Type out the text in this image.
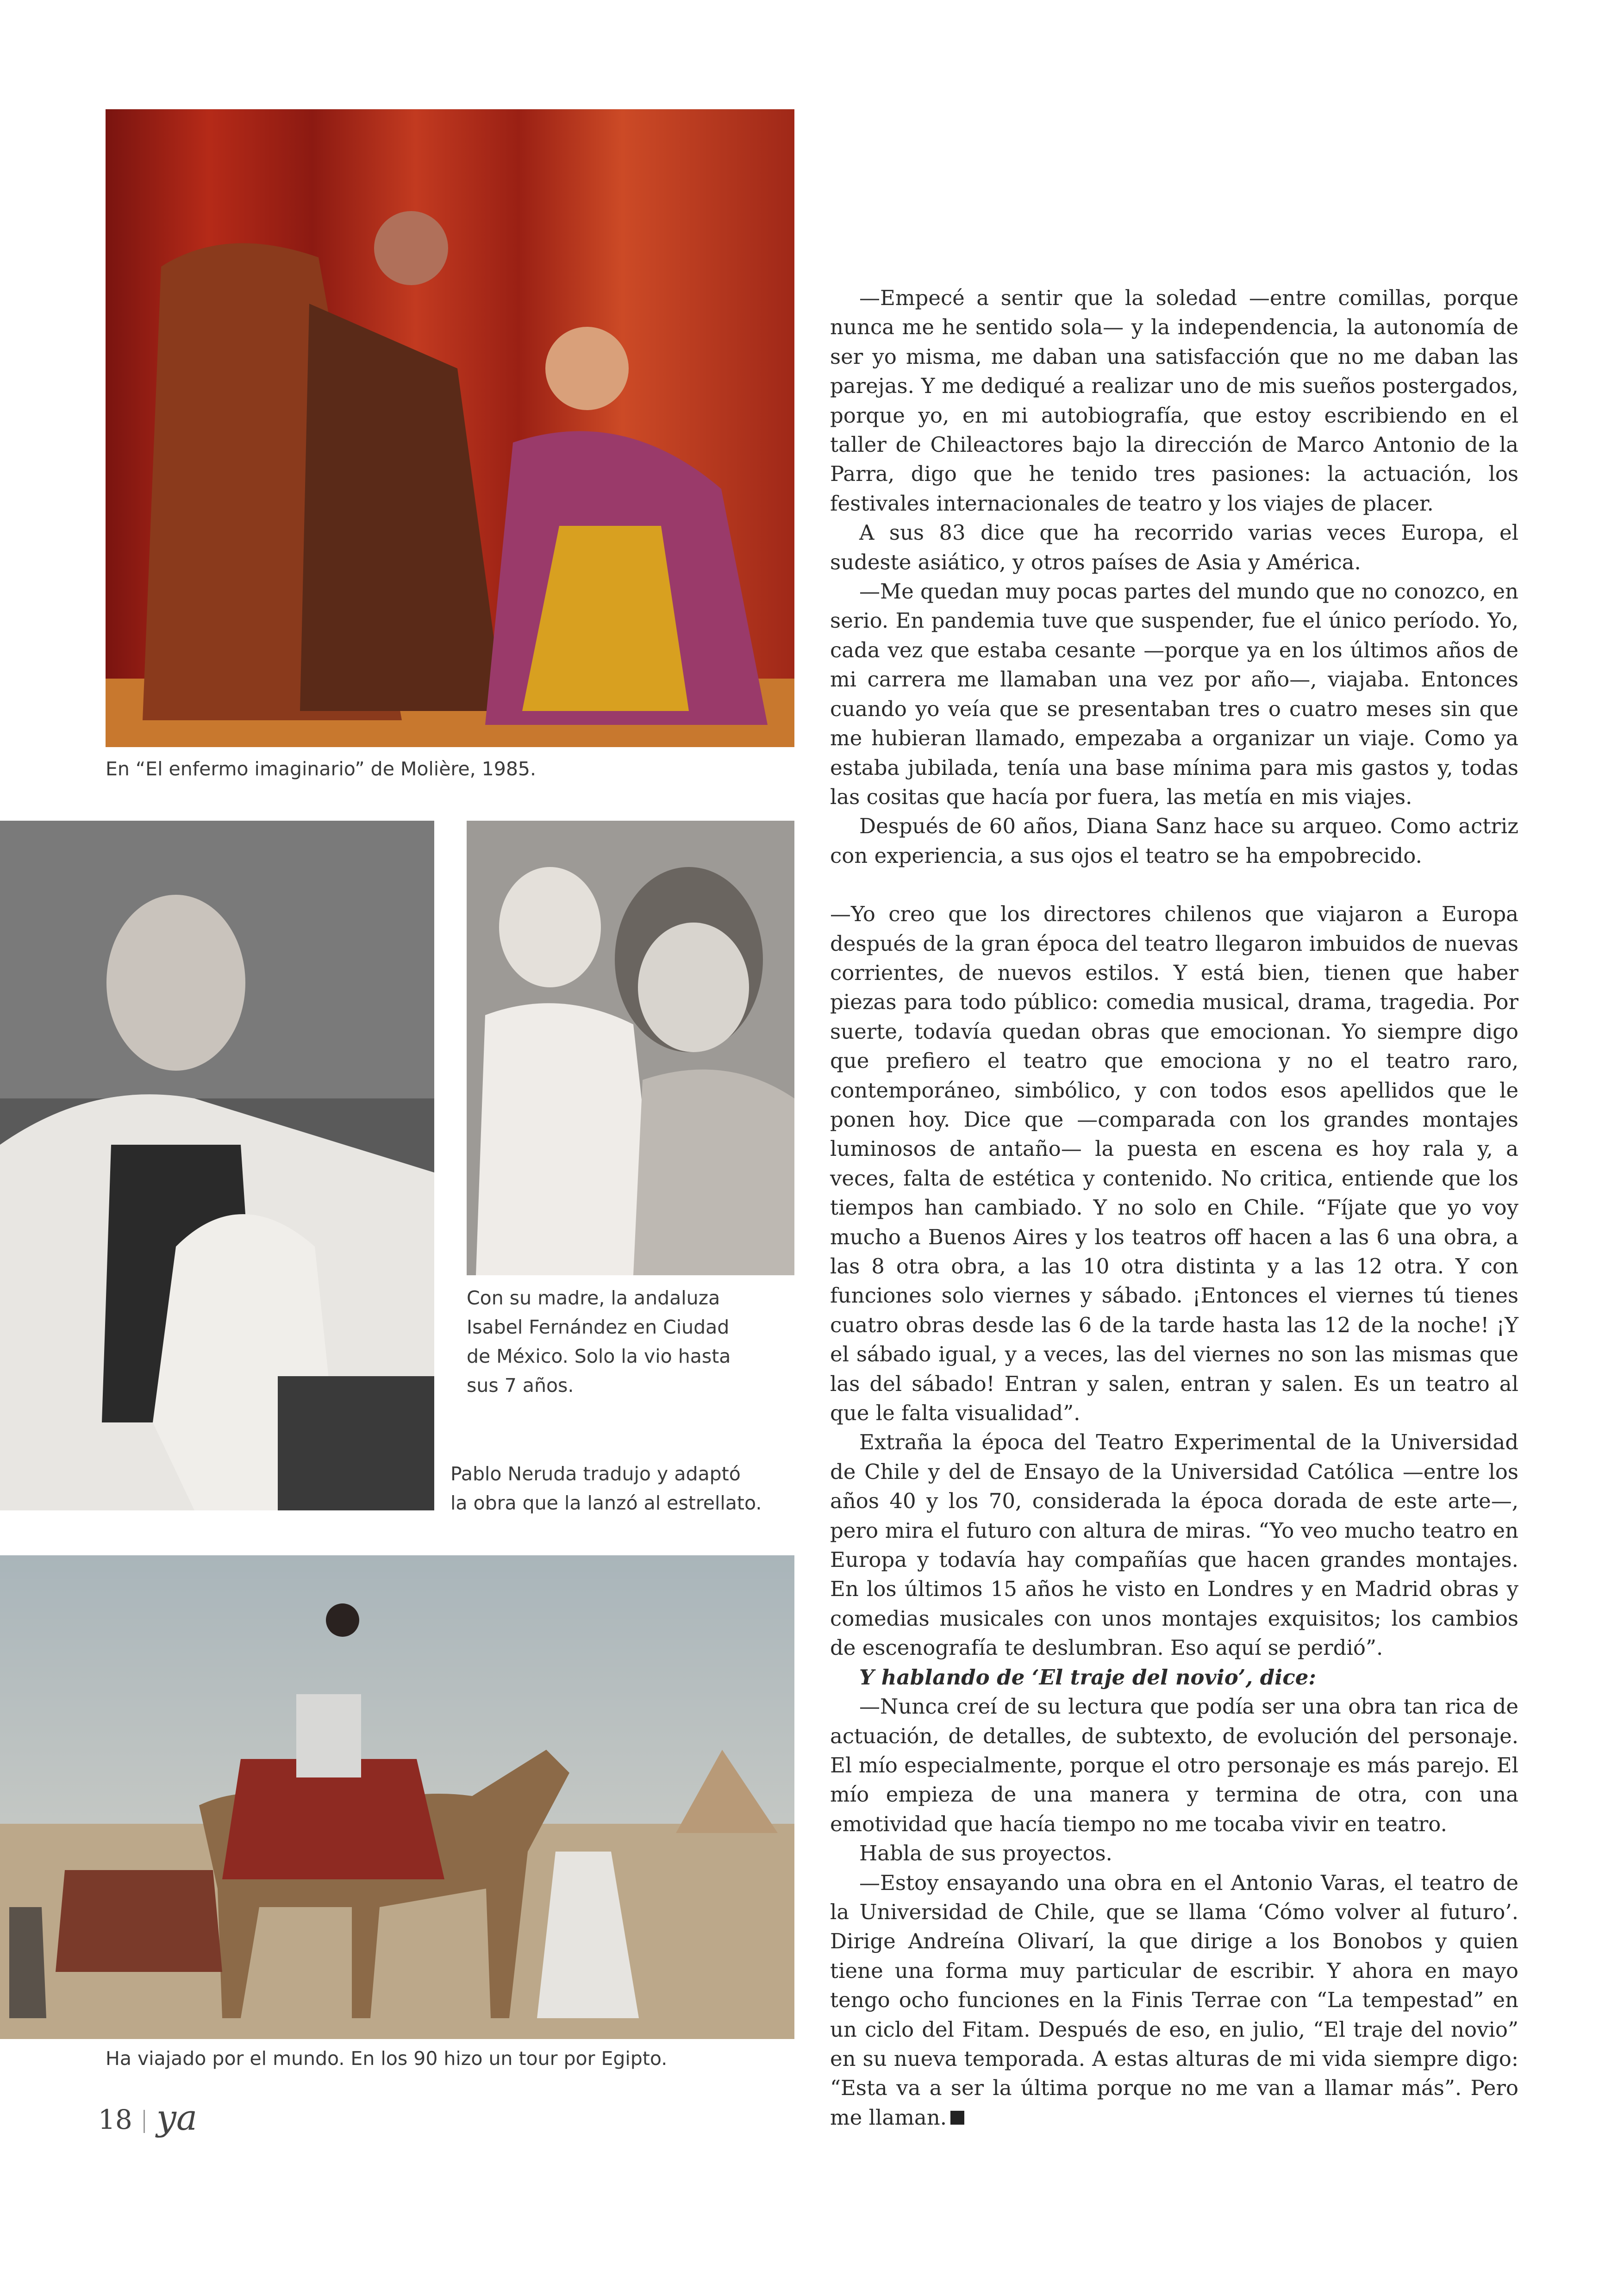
En “El enfermo imaginario” de Molière, 1985.

Con su madre, la andaluza
Isabel Fernández en Ciudad
de México. Solo la vio hasta
sus 7 años.

Pablo Neruda tradujo y adaptó
la obra que la lanzó al estrellato.

Ha viajado por el mundo. En los 90 hizo un tour por Egipto.

—Empecé a sentir que la soledad —entre comillas, porque nunca me he sentido sola— y la independencia, la autonomía de ser yo misma, me daban una satisfacción que no me daban las parejas. Y me dediqué a realizar uno de mis sueños postergados, porque yo, en mi autobiografía, que estoy escribiendo en el taller de Chileactores bajo la dirección de Marco Antonio de la Parra, digo que he tenido tres pasiones: la actuación, los festivales internacionales de teatro y los viajes de placer.

A sus 83 dice que ha recorrido varias veces Europa, el sudeste asiático, y otros países de Asia y América.

—Me quedan muy pocas partes del mundo que no conozco, en serio. En pandemia tuve que suspender, fue el único período. Yo, cada vez que estaba cesante —porque ya en los últimos años de mi carrera me llamaban una vez por año—, viajaba. Entonces cuando yo veía que se presentaban tres o cuatro meses sin que me hubieran llamado, empezaba a organizar un viaje. Como ya estaba jubilada, tenía una base mínima para mis gastos y, todas las cositas que hacía por fuera, las metía en mis viajes.

Después de 60 años, Diana Sanz hace su arqueo. Como actriz con experiencia, a sus ojos el teatro se ha empobrecido.

—Yo creo que los directores chilenos que viajaron a Europa después de la gran época del teatro llegaron imbuidos de nuevas corrientes, de nuevos estilos. Y está bien, tienen que haber piezas para todo público: comedia musical, drama, tragedia. Por suerte, todavía quedan obras que emocionan. Yo siempre digo que prefiero el teatro que emociona y no el teatro raro, contemporáneo, simbólico, y con todos esos apellidos que le ponen hoy. Dice que —comparada con los grandes montajes luminosos de antaño— la puesta en escena es hoy rala y, a veces, falta de estética y contenido. No critica, entiende que los tiempos han cambiado. Y no solo en Chile. “Fíjate que yo voy mucho a Buenos Aires y los teatros off hacen a las 6 una obra, a las 8 otra obra, a las 10 otra distinta y a las 12 otra. Y con funciones solo viernes y sábado. ¡Entonces el viernes tú tienes cuatro obras desde las 6 de la tarde hasta las 12 de la noche! ¡Y el sábado igual, y a veces, las del viernes no son las mismas que las del sábado! Entran y salen, entran y salen. Es un teatro al que le falta visualidad”.

Extraña la época del Teatro Experimental de la Universidad de Chile y del de Ensayo de la Universidad Católica —entre los años 40 y los 70, considerada la época dorada de este arte—, pero mira el futuro con altura de miras. “Yo veo mucho teatro en Europa y todavía hay compañías que hacen grandes montajes. En los últimos 15 años he visto en Londres y en Madrid obras y comedias musicales con unos montajes exquisitos; los cambios de escenografía te deslumbran. Eso aquí se perdió”.

Y hablando de ‘El traje del novio’, dice:

—Nunca creí de su lectura que podía ser una obra tan rica de actuación, de detalles, de subtexto, de evolución del personaje. El mío especialmente, porque el otro personaje es más parejo. El mío empieza de una manera y termina de otra, con una emotividad que hacía tiempo no me tocaba vivir en teatro.

Habla de sus proyectos.

—Estoy ensayando una obra en el Antonio Varas, el teatro de la Universidad de Chile, que se llama ‘Cómo volver al futuro’. Dirige Andreína Olivarí, la que dirige a los Bonobos y quien tiene una forma muy particular de escribir. Y ahora en mayo tengo ocho funciones en la Finis Terrae con “La tempestad” en un ciclo del Fitam. Después de eso, en julio, “El traje del novio” en su nueva temporada. A estas alturas de mi vida siempre digo: “Esta va a ser la última porque no me van a llamar más”. Pero me llaman.

18 ya
